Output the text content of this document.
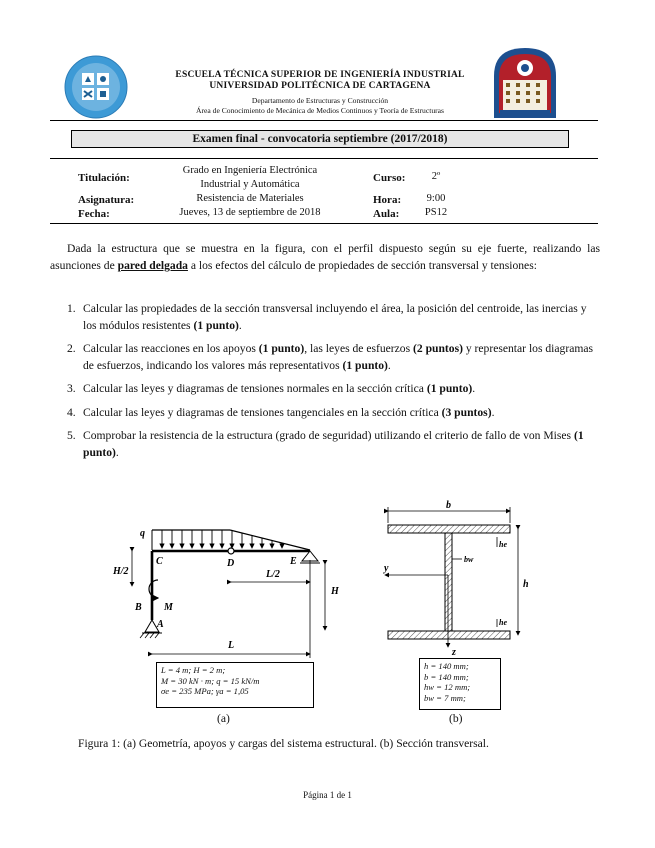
ESCUELA TÉCNICA SUPERIOR DE INGENIERÍA INDUSTRIAL
UNIVERSIDAD POLITÉCNICA DE CARTAGENA
Departamento de Estructuras y Construcción
Área de Conocimiento de Mecánica de Medios Continuos y Teoría de Estructuras
Examen final - convocatoria septiembre (2017/2018)
Titulación:
Grado en Ingeniería Electrónica
Industrial y Automática
Curso:	2º
Asignatura:	Resistencia de Materiales	Hora:	9:00
Fecha:	Jueves, 13 de septiembre de 2018	Aula:	PS12
Dada la estructura que se muestra en la figura, con el perfil dispuesto según su eje fuerte, realizando las asunciones de pared delgada a los efectos del cálculo de propiedades de sección transversal y tensiones:
1. Calcular las propiedades de la sección transversal incluyendo el área, la posición del centroide, las inercias y los módulos resistentes (1 punto).
2. Calcular las reacciones en los apoyos (1 punto), las leyes de esfuerzos (2 puntos) y representar los diagramas de esfuerzos, indicando los valores más representativos (1 punto).
3. Calcular las leyes y diagramas de tensiones normales en la sección crítica (1 punto).
4. Calcular las leyes y diagramas de tensiones tangenciales en la sección crítica (3 puntos).
5. Comprobar la resistencia de la estructura (grado de seguridad) utilizando el criterio de fallo de von Mises (1 punto).
q
C	D	E
B M
A
H/2	L/2
H
L
L = 4 m; H = 2 m;
M = 30 kN · m; q = 15 kN/m
σe = 235 MPa; γa = 1,05
(a)
b
he
bw
y
h
he
z
h = 140 mm;
b = 140 mm;
hw = 12 mm;
bw = 7 mm;
(b)
Figura 1: (a) Geometría, apoyos y cargas del sistema estructural. (b) Sección transversal.
Página 1 de 1
